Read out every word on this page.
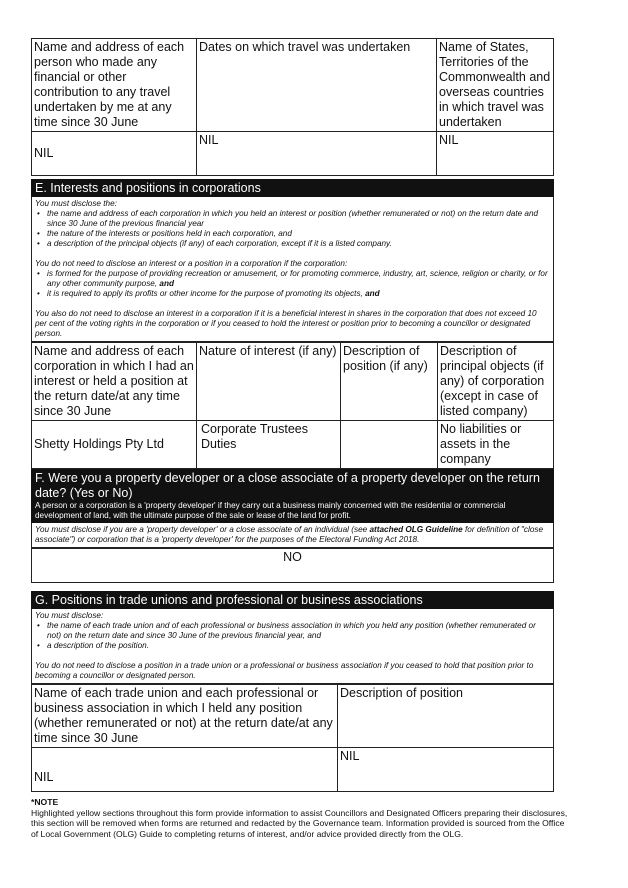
Name and address of each person who made any financial or other contribution to any travel undertaken by me at any time since 30 June	Dates on which travel was undertaken	Name of States, Territories of the Commonwealth and overseas countries in which travel was undertaken
NIL	NIL	NIL
E. Interests and positions in corporations

You must disclose the:

• the name and address of each corporation in which you held an interest or position (whether remunerated or not) on the return date and since 30 June of the previous financial year
• the nature of the interests or positions held in each corporation, and
• a description of the principal objects (if any) of each corporation, except if it is a listed company.

You do not need to disclose an interest or a position in a corporation if the corporation:

• is formed for the purpose of providing recreation or amusement, or for promoting commerce, industry, art, science, religion or charity, or for any other community purpose, and
• it is required to apply its profits or other income for the purpose of promoting its objects, and

You also do not need to disclose an interest in a corporation if it is a beneficial interest in shares in the corporation that does not exceed 10 per cent of the voting rights in the corporation or if you ceased to hold the interest or position prior to becoming a councillor or designated person.

Name and address of each corporation in which I had an interest or held a position at the return date/at any time since 30 June	Nature of interest (if any)	Description of position (if any)	Description of principal objects (if any) of corporation (except in case of listed company)
Shetty Holdings Pty Ltd	Corporate Trustees Duties		No liabilities or assets in the company
F. Were you a property developer or a close associate of a property developer on the return date? (Yes or No)
A person or a corporation is a 'property developer' if they carry out a business mainly concerned with the residential or commercial development of land, with the ultimate purpose of the sale or lease of the land for profit.

You must disclose if you are a 'property developer' or a close associate of an individual (see attached OLG Guideline for definition of "close associate") or corporation that is a 'property developer' for the purposes of the Electoral Funding Act 2018.

NO
G. Positions in trade unions and professional or business associations

You must disclose:

• the name of each trade union and of each professional or business association in which you held any position (whether remunerated or not) on the return date and since 30 June of the previous financial year, and
• a description of the position.

You do not need to disclose a position in a trade union or a professional or business association if you ceased to hold that position prior to becoming a councillor or designated person.

Name of each trade union and each professional or business association in which I held any position (whether remunerated or not) at the return date/at any time since 30 June	Description of position
NIL	NIL
*NOTE
Highlighted yellow sections throughout this form provide information to assist Councillors and Designated Officers preparing their disclosures, this section will be removed when forms are returned and redacted by the Governance team. Information provided is sourced from the Office of Local Government (OLG) Guide to completing returns of interest, and/or advice provided directly from the OLG.
